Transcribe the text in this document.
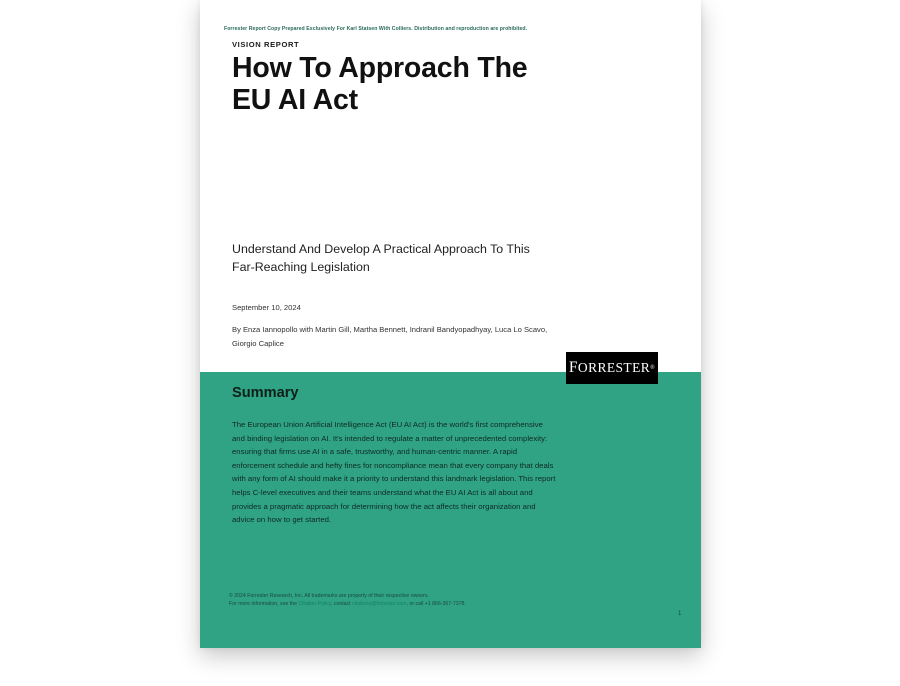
Forrester Report Copy Prepared Exclusively For Karl Statsen With Colliers. Distribution and reproduction are prohibited.
VISION REPORT
How To Approach The EU AI Act
Understand And Develop A Practical Approach To This Far-Reaching Legislation
September 10, 2024
By Enza Iannopollo with Martin Gill, Martha Bennett, Indranil Bandyopadhyay, Luca Lo Scavo, Giorgio Caplice
F ORRESTER ®
Summary
The European Union Artificial Intelligence Act (EU AI Act) is the world's first comprehensive and binding legislation on AI. It's intended to regulate a matter of unprecedented complexity: ensuring that firms use AI in a safe, trustworthy, and human-centric manner. A rapid enforcement schedule and hefty fines for noncompliance mean that every company that deals with any form of AI should make it a priority to understand this landmark legislation. This report helps C-level executives and their teams understand what the EU AI Act is all about and provides a pragmatic approach for determining how the act affects their organization and advice on how to get started.
© 2024 Forrester Research, Inc. All trademarks are property of their respective owners.
For more information, see the Citation Policy, contact citations@forrester.com, or call +1 866-367-7378.
1
